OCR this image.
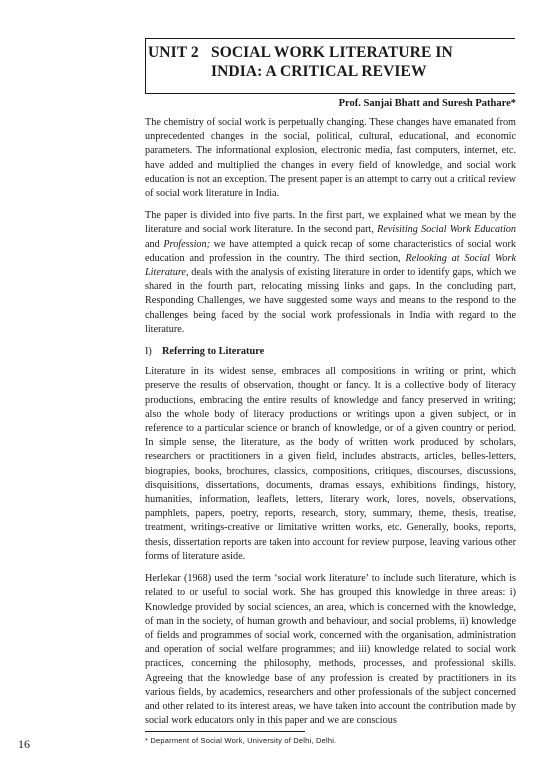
UNIT 2 SOCIAL WORK LITERATURE IN
INDIA: A CRITICAL REVIEW
Prof. Sanjai Bhatt and Suresh Pathare*

The chemistry of social work is perpetually changing. These changes have emanated from unprecedented changes in the social, political, cultural, educational, and economic parameters. The informational explosion, electronic media, fast computers, internet, etc. have added and multiplied the changes in every field of knowledge, and social work education is not an exception. The present paper is an attempt to carry out a critical review of social work literature in India.

The paper is divided into five parts. In the first part, we explained what we mean by the literature and social work literature. In the second part, Revisiting Social Work Education and Profession; we have attempted a quick recap of some characteristics of social work education and profession in the country. The third section, Relooking at Social Work Literature, deals with the analysis of existing literature in order to identify gaps, which we shared in the fourth part, relocating missing links and gaps. In the concluding part, Responding Challenges, we have suggested some ways and means to the respond to the challenges being faced by the social work professionals in India with regard to the literature.

I) Referring to Literature

Literature in its widest sense, embraces all compositions in writing or print, which preserve the results of observation, thought or fancy. It is a collective body of literacy productions, embracing the entire results of knowledge and fancy preserved in writing; also the whole body of literacy productions or writings upon a given subject, or in reference to a particular science or branch of knowledge, or of a given country or period. In simple sense, the literature, as the body of written work produced by scholars, researchers or practitioners in a given field, includes abstracts, articles, belles-letters, biograpies, books, brochures, classics, compositions, critiques, discourses, discussions, disquisitions, dissertations, documents, dramas essays, exhibitions findings, history, humanities, information, leaflets, letters, literary work, lores, novels, observations, pamphlets, papers, poetry, reports, research, story, summary, theme, thesis, treatise, treatment, writings-creative or limitative written works, etc. Generally, books, reports, thesis, dissertation reports are taken into account for review purpose, leaving various other forms of literature aside.

Herlekar (1968) used the term ‘social work literature’ to include such literature, which is related to or useful to social work. She has grouped this knowledge in three areas: i) Knowledge provided by social sciences, an area, which is concerned with the knowledge, of man in the society, of human growth and behaviour, and social problems, ii) knowledge of fields and programmes of social work, concerned with the organisation, administration and operation of social welfare programmes; and iii) knowledge related to social work practices, concerning the philosophy, methods, processes, and professional skills. Agreeing that the knowledge base of any profession is created by practitioners in its various fields, by academics, researchers and other professionals of the subject concerned and other related to its interest areas, we have taken into account the contribution made by social work educators only in this paper and we are conscious

16	* Deparment of Social Work, University of Delhi, Delhi.
